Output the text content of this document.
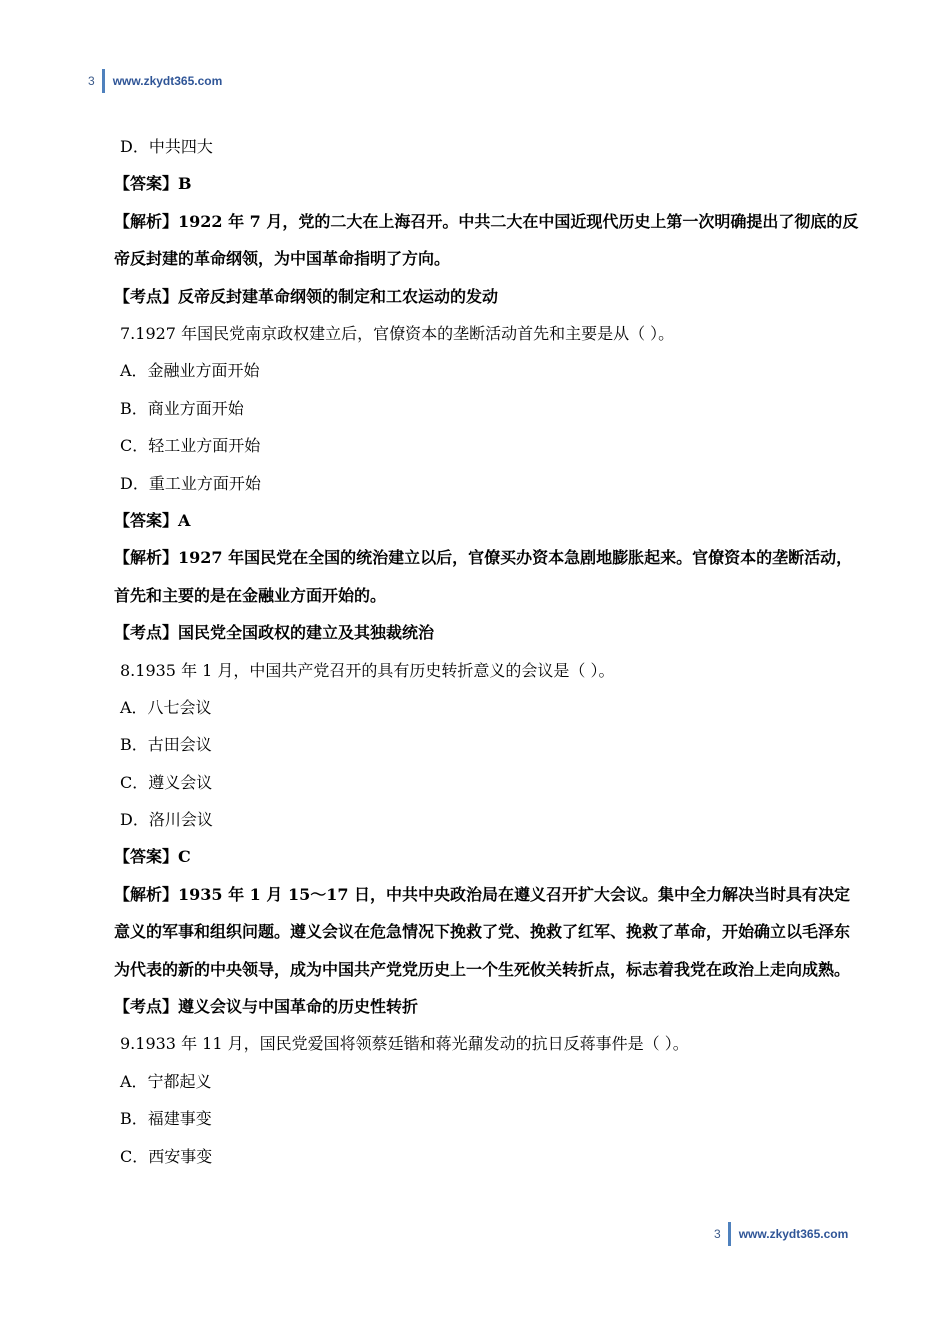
3 www.zkydt365.com
D．中共四大
【答案】B
【解析】1922 年 7 月，党的二大在上海召开。中共二大在中国近现代历史上第一次明确提出了彻底的反帝反封建的革命纲领，为中国革命指明了方向。
【考点】反帝反封建革命纲领的制定和工农运动的发动
7.1927 年国民党南京政权建立后，官僚资本的垄断活动首先和主要是从（ ）。
A．金融业方面开始
B．商业方面开始
C．轻工业方面开始
D．重工业方面开始
【答案】A
【解析】1927 年国民党在全国的统治建立以后，官僚买办资本急剧地膨胀起来。官僚资本的垄断活动，首先和主要的是在金融业方面开始的。
【考点】国民党全国政权的建立及其独裁统治
8.1935 年 1 月，中国共产党召开的具有历史转折意义的会议是（ ）。
A．八七会议
B．古田会议
C．遵义会议
D．洛川会议
【答案】C
【解析】1935 年 1 月 15～17 日，中共中央政治局在遵义召开扩大会议。集中全力解决当时具有决定意义的军事和组织问题。遵义会议在危急情况下挽救了党、挽救了红军、挽救了革命，开始确立以毛泽东为代表的新的中央领导，成为中国共产党党历史上一个生死攸关转折点，标志着我党在政治上走向成熟。
【考点】遵义会议与中国革命的历史性转折
9.1933 年 11 月，国民党爱国将领蔡廷锴和蒋光鼐发动的抗日反蒋事件是（ ）。
A．宁都起义
B．福建事变
C．西安事变
3 www.zkydt365.com
